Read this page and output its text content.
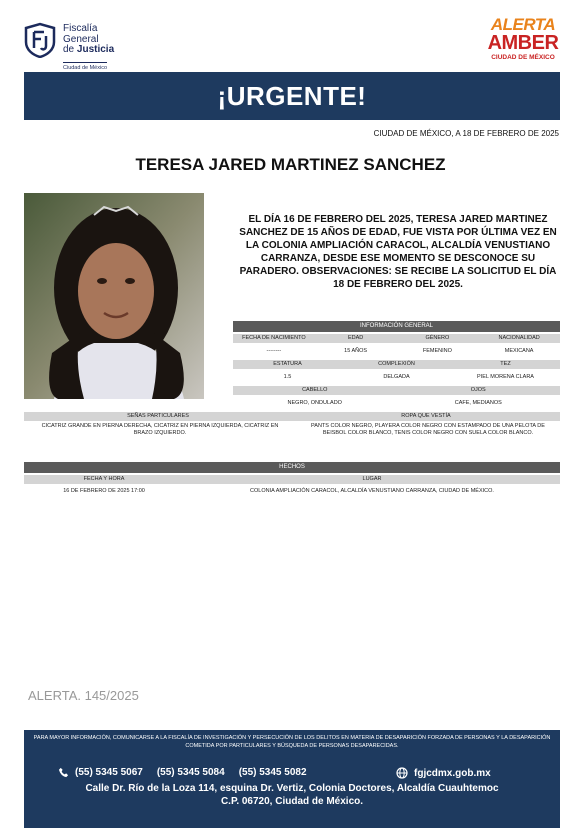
Fiscalía
General
de Justicia
Ciudad de México
ALERTA
AMBER
CIUDAD DE MÉXICO
¡URGENTE!
CIUDAD DE MÉXICO, A 18 DE FEBRERO DE 2025
TERESA JARED MARTINEZ SANCHEZ
EL DÍA 16 DE FEBRERO DEL 2025, TERESA JARED MARTINEZ SANCHEZ DE 15 AÑOS DE EDAD, FUE VISTA POR ÚLTIMA VEZ EN LA COLONIA AMPLIACIÓN CARACOL, ALCALDÍA VENUSTIANO CARRANZA, DESDE ESE MOMENTO SE DESCONOCE SU PARADERO. OBSERVACIONES: SE RECIBE LA SOLICITUD EL DÍA 18 DE FEBRERO DEL 2025.
INFORMACIÓN GENERAL
FECHA DE NACIMIENTO	EDAD	GÉNERO	NACIONALIDAD
--------	15 AÑOS	FEMENINO	MEXICANA
ESTATURA	COMPLEXIÓN	TEZ
1.5	DELGADA	PIEL MORENA CLARA
CABELLO	OJOS
NEGRO, ONDULADO	CAFE, MEDIANOS
SEÑAS PARTICULARES	ROPA QUE VESTÍA
CICATRIZ GRANDE EN PIERNA DERECHA, CICATRIZ EN PIERNA IZQUIERDA, CICATRIZ EN BRAZO IZQUIERDO.
PANTS COLOR NEGRO, PLAYERA COLOR NEGRO CON ESTAMPADO DE UNA PELOTA DE BEISBOL COLOR BLANCO, TENIS COLOR NEGRO CON SUELA COLOR BLANCO.
HECHOS
FECHA Y HORA	LUGAR
16 DE FEBRERO DE 2025 17:00	COLONIA AMPLIACIÓN CARACOL, ALCALDÍA VENUSTIANO CARRANZA, CIUDAD DE MÉXICO.
ALERTA. 145/2025
PARA MAYOR INFORMACIÓN, COMUNICARSE A LA FISCALÍA DE INVESTIGACIÓN Y PERSECUCIÓN DE LOS DELITOS EN MATERIA DE DESAPARICIÓN FORZADA DE PERSONAS Y LA DESAPARICIÓN COMETIDA POR PARTICULARES Y BÚSQUEDA DE PERSONAS DESAPARECIDAS.
(55) 5345 5067 (55) 5345 5084 (55) 5345 5082	fgjcdmx.gob.mx
Calle Dr. Río de la Loza 114, esquina Dr. Vertiz, Colonia Doctores, Alcaldía Cuauhtemoc
C.P. 06720, Ciudad de México.
